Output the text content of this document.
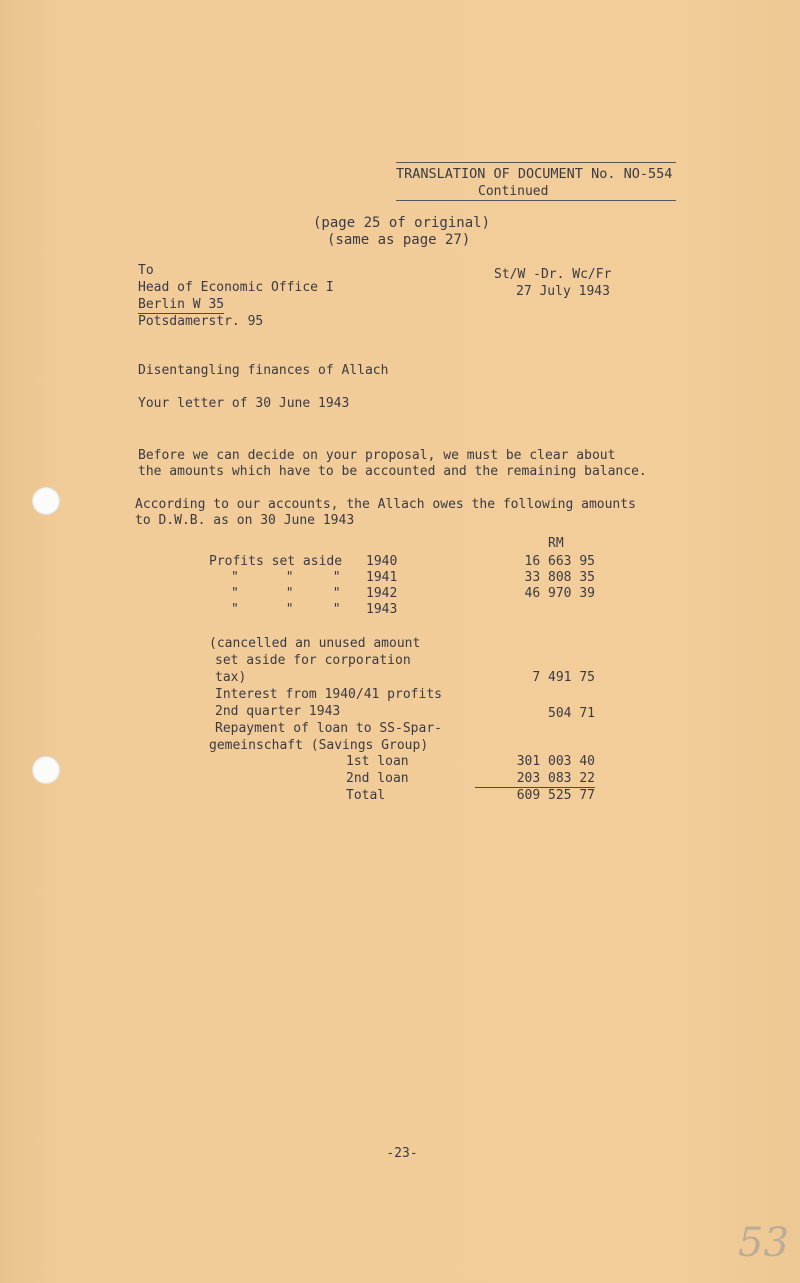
TRANSLATION OF DOCUMENT No. NO-554
Continued
(page 25 of original)
(same as page 27)
To
Head of Economic Office I
Berlin W 35
Potsdamerstr. 95
St/W -Dr. Wc/Fr
27 July 1943
Disentangling finances of Allach
Your letter of 30 June 1943
Before we can decide on your proposal, we must be clear about
the amounts which have to be accounted and the remaining balance.
According to our accounts, the Allach owes the following amounts
to D.W.B. as on 30 June 1943
RM
Profits set aside 1940	16 663 95
"      "     " 1941	33 808 35
"      "     " 1942	46 970 39
"      "     " 1943
(cancelled an unused amount
set aside for corporation
tax)	7 491 75
Interest from 1940/41 profits
2nd quarter 1943	504 71
Repayment of loan to SS-Spar-
gemeinschaft (Savings Group)
1st loan	301 003 40
2nd loan	203 083 22
Total	609 525 77
-23-
53
